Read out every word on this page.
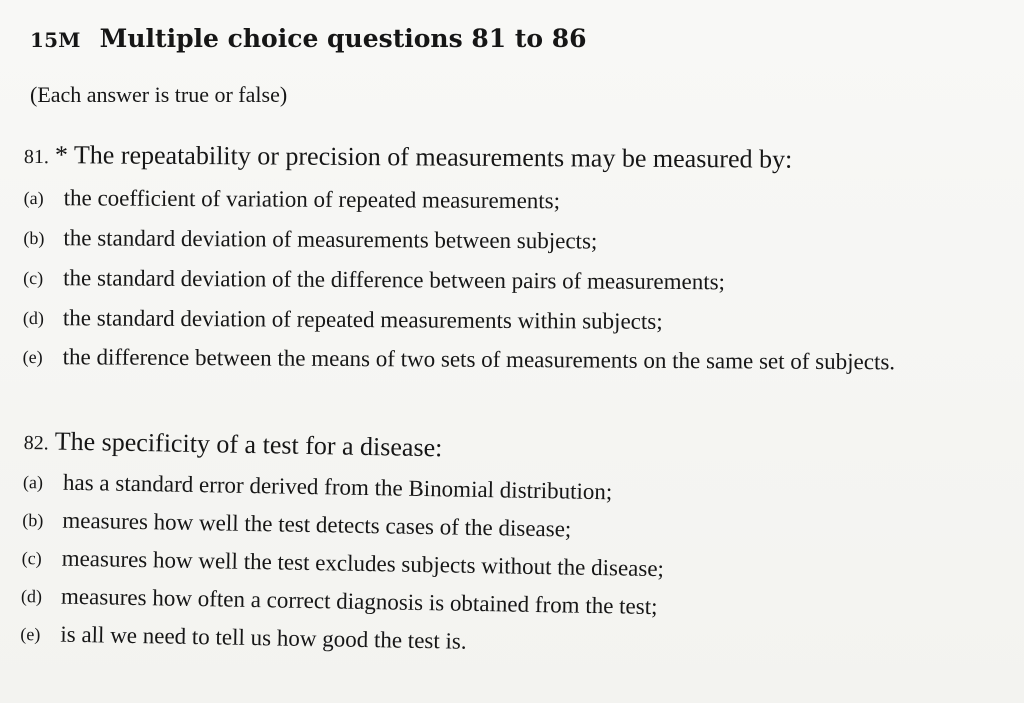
15M Multiple choice questions 81 to 86
(Each answer is true or false)
81. * The repeatability or precision of measurements may be measured by:
(a) the coefficient of variation of repeated measurements;
(b) the standard deviation of measurements between subjects;
(c) the standard deviation of the difference between pairs of measurements;
(d) the standard deviation of repeated measurements within subjects;
(e) the difference between the means of two sets of measurements on the same set of subjects.
82. The specificity of a test for a disease:
(a) has a standard error derived from the Binomial distribution;
(b) measures how well the test detects cases of the disease;
(c) measures how well the test excludes subjects without the disease;
(d) measures how often a correct diagnosis is obtained from the test;
(e) is all we need to tell us how good the test is.
